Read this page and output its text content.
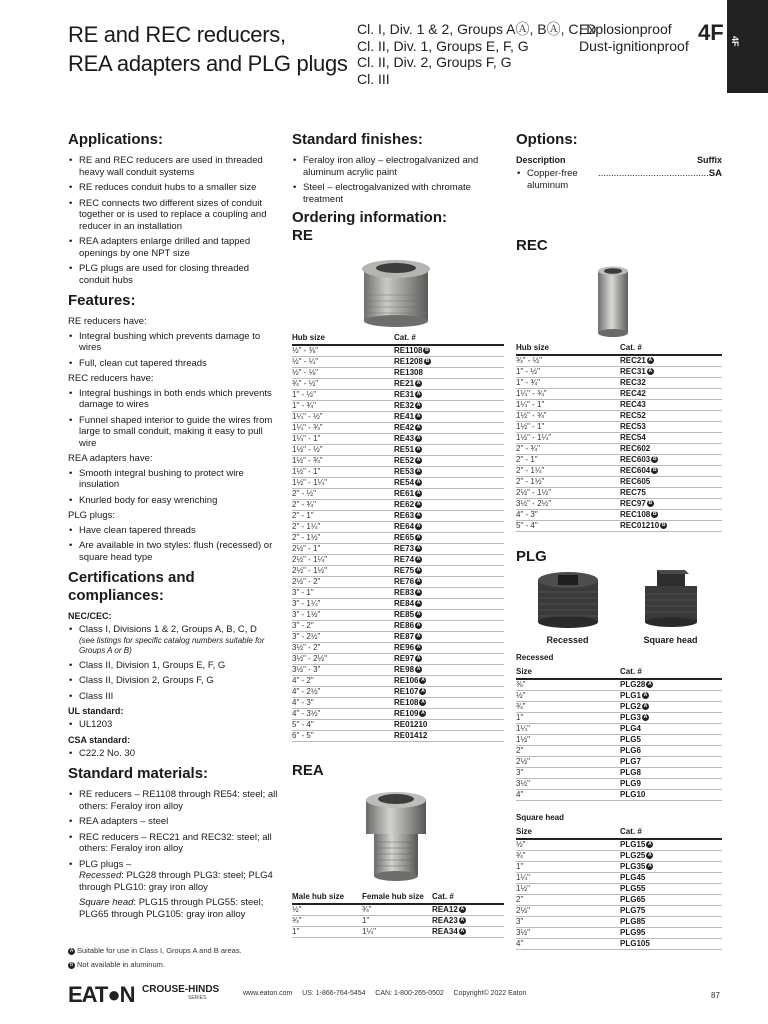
RE and REC reducers,
REA adapters and PLG plugs
Cl. I, Div. 1 & 2, Groups AⒶ, BⒶ, C, D
Cl. II, Div. 1, Groups E, F, G
Cl. II, Div. 2, Groups F, G
Cl. III
Explosionproof
Dust-ignitionproof
4F 4F
Applications:
• RE and REC reducers are used in threaded heavy wall conduit systems
• RE reduces conduit hubs to a smaller size
• REC connects two different sizes of conduit together or is used to replace a coupling and reducer in an installation
• REA adapters enlarge drilled and tapped openings by one NPT size
• PLG plugs are used for closing threaded conduit hubs
Features:
RE reducers have:
• Integral bushing which prevents damage to wires
• Full, clean cut tapered threads
REC reducers have:
• Integral bushings in both ends which prevents damage to wires
• Funnel shaped interior to guide the wires from large to small conduit, making it easy to pull wire
REA adapters have:
• Smooth integral bushing to protect wire insulation
• Knurled body for easy wrenching
PLG plugs:
• Have clean tapered threads
• Are available in two styles: flush (recessed) or square head type
Certifications and compliances:
NEC/CEC:
• Class I, Divisions 1 & 2, Groups A, B, C, D
(see listings for specific catalog numbers suitable for Groups A or B)
• Class II, Division 1, Groups E, F, G
• Class II, Division 2, Groups F, G
• Class III
UL standard:
• UL1203
CSA standard:
• C22.2 No. 30
Standard materials:
• RE reducers – RE1108 through RE54: steel; all others: Feraloy iron alloy
• REA adapters – steel
• REC reducers – REC21 and REC32: steel; all others: Feraloy iron alloy
• PLG plugs –
Recessed: PLG28 through PLG3: steel; PLG4 through PLG10: gray iron alloy
Square head: PLG15 through PLG55: steel; PLG65 through PLG105: gray iron alloy
Standard finishes:
• Feraloy iron alloy – electrogalvanized and aluminum acrylic paint
• Steel – electrogalvanized with chromate treatment
Ordering information:
RE
Hub size	Cat. #
½" - ⅜"	RE1108 B
½" - ¼"	RE1208 B
½" - ⅛"	RE1308
¾" - ½"	RE21 A
1" - ½"	RE31 A
1" - ¾"	RE32 A
1¼" - ½"	RE41 A
1¼" - ¾"	RE42 A
1¼" - 1"	RE43 A
1½" - ½"	RE51 A
1½" - ¾"	RE52 A
1½" - 1"	RE53 A
1½" - 1¼"	RE54 A
2" - ½"	RE61 A
2" - ¾"	RE62 A
2" - 1"	RE63 A
2" - 1¼"	RE64 A
2" - 1½"	RE65 A
2½" - 1"	RE73 A
2½" - 1¼"	RE74 A
2½" - 1½"	RE75 A
2½" - 2"	RE76 A
3" - 1"	RE83 A
3" - 1¼"	RE84 A
3" - 1½"	RE85 A
3" - 2"	RE86 A
3" - 2½"	RE87 A
3½" - 2"	RE96 A
3½" - 2½"	RE97 A
3½" - 3"	RE98 A
4" - 2"	RE106 A
4" - 2½"	RE107 A
4" - 3"	RE108 A
4" - 3½"	RE109 A
5" - 4"	RE01210
6" - 5"	RE01412
REA
Male hub size	Female hub size	Cat. #
½"	¾"	REA12 A
¾"	1"	REA23 A
1"	1¼"	REA34 A
Options:
Description	Suffix
• Copper-free aluminum
.......................................... SA
REC
Hub size	Cat. #
¾" - ½"	REC21 A
1" - ½"	REC31 A
1" - ¾"	REC32
1¼" - ¾"	REC42
1¼" - 1"	REC43
1½" - ¾"	REC52
1½" - 1"	REC53
1½" - 1¼"	REC54
2" - ¾"	REC602
2" - 1"	REC603 B
2" - 1¼"	REC604 B
2" - 1½"	REC605
2½" - 1½"	REC75
3½" - 2½"	REC97 B
4" - 3"	REC108 B
5" - 4"	REC01210 B
PLG
Recessed	Square head
Recessed
Size	Cat. #
⅜"	PLG28 A
½"	PLG1 A
¾"	PLG2 A
1"	PLG3 A
1¼"	PLG4
1½"	PLG5
2"	PLG6
2½"	PLG7
3"	PLG8
3½"	PLG9
4"	PLG10
Square head
Size	Cat. #
½"	PLG15 A
¾"	PLG25 A
1"	PLG35 A
1¼"	PLG45
1½"	PLG55
2"	PLG65
2½"	PLG75
3"	PLG85
3½"	PLG95
4"	PLG105
A Suitable for use in Class I, Groups A and B areas.
B Not available in aluminum.
EAT●N CROUSE-HINDS
SERIES
www.eaton.com     US: 1-866-764-5454     CAN: 1-800-265-0502     Copyright© 2022 Eaton	87
